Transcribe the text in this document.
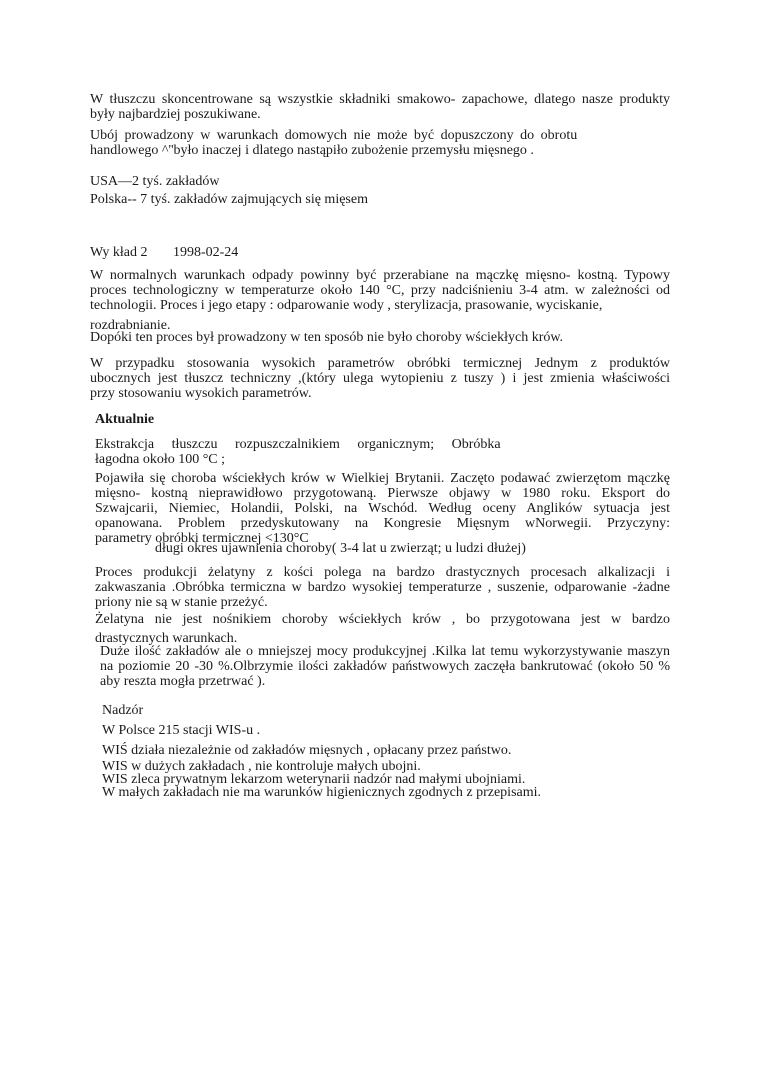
W tłuszczu skoncentrowane są wszystkie składniki smakowo- zapachowe, dlatego nasze produkty
były najbardziej poszukiwane.
Ubój prowadzony w warunkach domowych nie może być dopuszczony do obrotu
handlowego ^''było inaczej i dlatego nastąpiło zubożenie przemysłu mięsnego .
USA—2 tyś. zakładów
Polska-- 7 tyś. zakładów zajmujących się mięsem
Wy kład 2 1998-02-24
W normalnych warunkach odpady powinny być przerabiane na mączkę mięsno- kostną. Typowy
proces technologiczny w temperaturze około 140 °C, przy nadciśnieniu 3-4 atm. w zależności od
technologii. Proces i jego etapy : odparowanie wody , sterylizacja, prasowanie, wyciskanie,
rozdrabnianie.
Dopóki ten proces był prowadzony w ten sposób nie było choroby wściekłych krów.
W przypadku stosowania wysokich parametrów obróbki termicznej Jednym z produktów
ubocznych jest tłuszcz techniczny ,(który ulega wytopieniu z tuszy ) i jest zmienia właściwości
przy stosowaniu wysokich parametrów.
Aktualnie
Ekstrakcja tłuszczu rozpuszczalnikiem organicznym; Obróbka
łagodna około 100 °C ;
Pojawiła się choroba wściekłych krów w Wielkiej Brytanii. Zaczęto podawać zwierzętom mączkę
mięsno- kostną nieprawidłowo przygotowaną. Pierwsze objawy w 1980 roku. Eksport do
Szwajcarii, Niemiec, Holandii, Polski, na Wschód. Według oceny Anglików sytuacja jest
opanowana. Problem przedyskutowany na Kongresie Mięsnym wNorwegii. Przyczyny:
parametry obróbki termicznej <130°C
długi okres ujawnienia choroby( 3-4 lat u zwierząt; u ludzi dłużej)
Proces produkcji żelatyny z kości polega na bardzo drastycznych procesach alkalizacji i
zakwaszania .Obróbka termiczna w bardzo wysokiej temperaturze , suszenie, odparowanie -żadne
priony nie są w stanie przeżyć.
Żelatyna nie jest nośnikiem choroby wściekłych krów , bo przygotowana jest w bardzo
drastycznych warunkach.
Duże ilość zakładów ale o mniejszej mocy produkcyjnej .Kilka lat temu wykorzystywanie maszyn
na poziomie 20 -30 %.Olbrzymie ilości zakładów państwowych zaczęła bankrutować (około 50 %
aby reszta mogła przetrwać ).
Nadzór
W Polsce 215 stacji WIS-u .
WIŚ działa niezależnie od zakładów mięsnych , opłacany przez państwo.
WIS w dużych zakładach , nie kontroluje małych ubojni.
WIS zleca prywatnym lekarzom weterynarii nadzór nad małymi ubojniami.
W małych zakładach nie ma warunków higienicznych zgodnych z przepisami.
